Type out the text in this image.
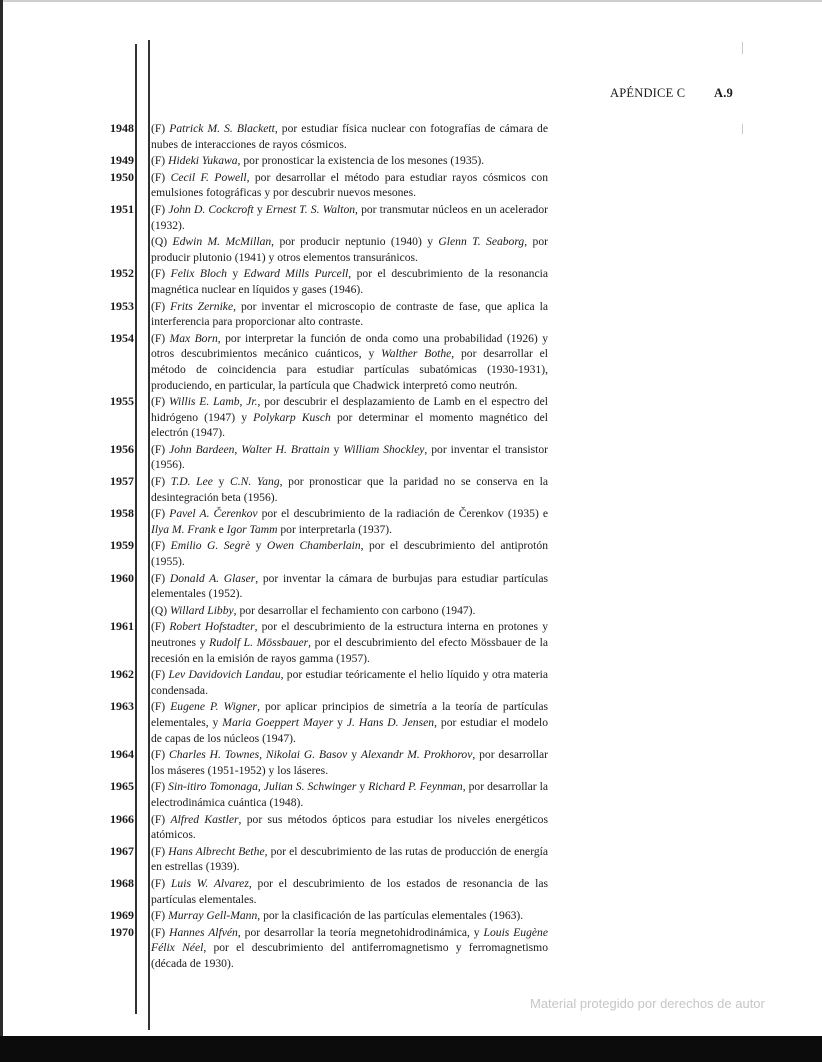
APÉNDICE C A.9
1948 (F) Patrick M. S. Blackett, por estudiar física nuclear con fotografías de cámara de nubes de interacciones de rayos cósmicos.
1949 (F) Hideki Yukawa, por pronosticar la existencia de los mesones (1935).
1950 (F) Cecil F. Powell, por desarrollar el método para estudiar rayos cósmicos con emulsiones fotográficas y por descubrir nuevos mesones.
1951 (F) John D. Cockcroft y Ernest T. S. Walton, por transmutar núcleos en un acelerador (1932).
(Q) Edwin M. McMillan, por producir neptunio (1940) y Glenn T. Seaborg, por producir plutonio (1941) y otros elementos transuránicos.
1952 (F) Felix Bloch y Edward Mills Purcell, por el descubrimiento de la resonancia magnética nuclear en líquidos y gases (1946).
1953 (F) Frits Zernike, por inventar el microscopio de contraste de fase, que aplica la interferencia para proporcionar alto contraste.
1954 (F) Max Born, por interpretar la función de onda como una probabilidad (1926) y otros descubrimientos mecánico cuánticos, y Walther Bothe, por desarrollar el método de coincidencia para estudiar partículas subatómicas (1930-1931), produciendo, en particular, la partícula que Chadwick interpretó como neutrón.
1955 (F) Willis E. Lamb, Jr., por descubrir el desplazamiento de Lamb en el espectro del hidrógeno (1947) y Polykarp Kusch por determinar el momento magnético del electrón (1947).
1956 (F) John Bardeen, Walter H. Brattain y William Shockley, por inventar el transistor (1956).
1957 (F) T.D. Lee y C.N. Yang, por pronosticar que la paridad no se conserva en la desintegración beta (1956).
1958 (F) Pavel A. Čerenkov por el descubrimiento de la radiación de Čerenkov (1935) e Ilya M. Frank e Igor Tamm por interpretarla (1937).
1959 (F) Emilio G. Segrè y Owen Chamberlain, por el descubrimiento del antiprotón (1955).
1960 (F) Donald A. Glaser, por inventar la cámara de burbujas para estudiar partículas elementales (1952).
(Q) Willard Libby, por desarrollar el fechamiento con carbono (1947).
1961 (F) Robert Hofstadter, por el descubrimiento de la estructura interna en protones y neutrones y Rudolf L. Mössbauer, por el descubrimiento del efecto Mössbauer de la recesión en la emisión de rayos gamma (1957).
1962 (F) Lev Davidovich Landau, por estudiar teóricamente el helio líquido y otra materia condensada.
1963 (F) Eugene P. Wigner, por aplicar principios de simetría a la teoría de partículas elementales, y Maria Goeppert Mayer y J. Hans D. Jensen, por estudiar el modelo de capas de los núcleos (1947).
1964 (F) Charles H. Townes, Nikolai G. Basov y Alexandr M. Prokhorov, por desarrollar los máseres (1951-1952) y los láseres.
1965 (F) Sin-itiro Tomonaga, Julian S. Schwinger y Richard P. Feynman, por desarrollar la electrodinámica cuántica (1948).
1966 (F) Alfred Kastler, por sus métodos ópticos para estudiar los niveles energéticos atómicos.
1967 (F) Hans Albrecht Bethe, por el descubrimiento de las rutas de producción de energía en estrellas (1939).
1968 (F) Luis W. Alvarez, por el descubrimiento de los estados de resonancia de las partículas elementales.
1969 (F) Murray Gell-Mann, por la clasificación de las partículas elementales (1963).
1970 (F) Hannes Alfvén, por desarrollar la teoría megnetohidrodinámica, y Louis Eugène Félix Néel, por el descubrimiento del antiferromagnetismo y ferromagnetismo (década de 1930).
Material protegido por derechos de autor
